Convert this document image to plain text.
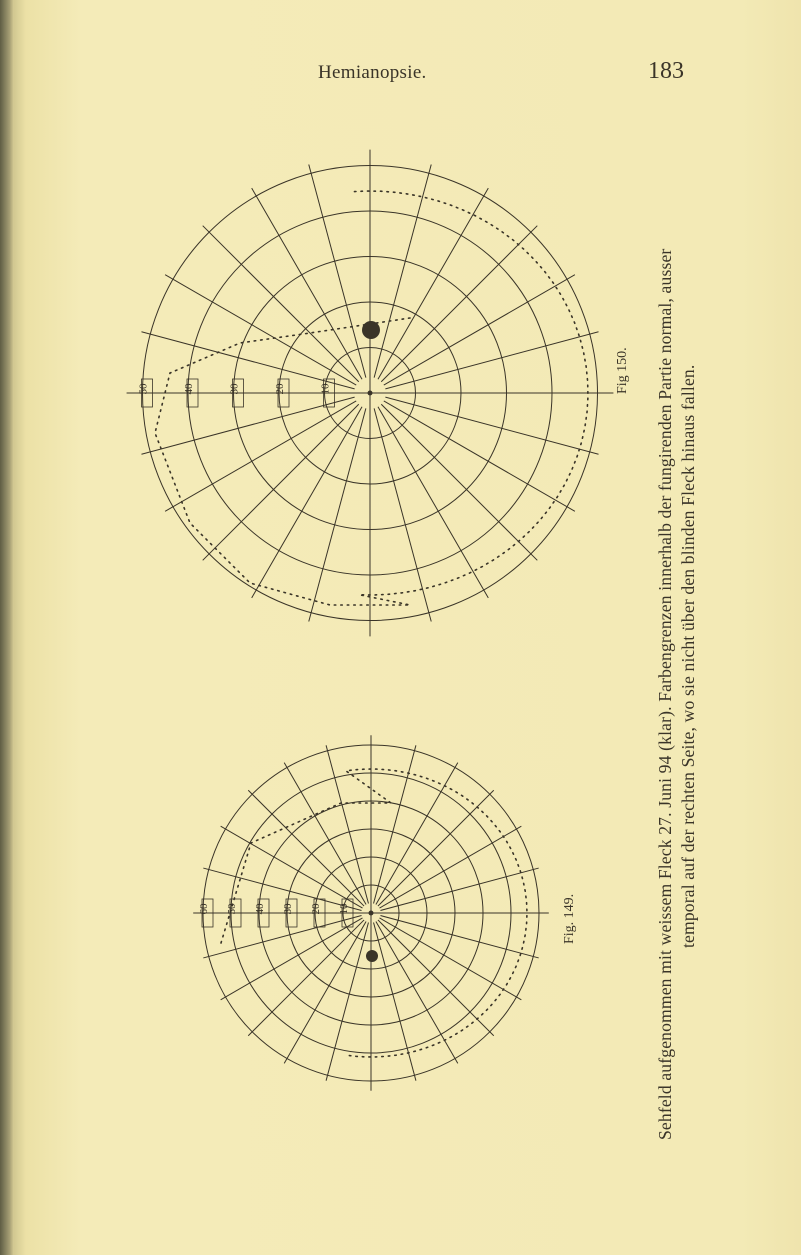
Hemianopsie.	183
10
20
30
40
50
10
20
30
40
50
60
Fig 150.
Fig. 149.	Sehfeld aufgenommen mit weissem Fleck 27. Juni 94 (klar). Farbengrenzen innerhalb der fungirenden Partie normal, ausser temporal auf der rechten Seite, wo sie nicht über den blinden Fleck hinaus fallen.
